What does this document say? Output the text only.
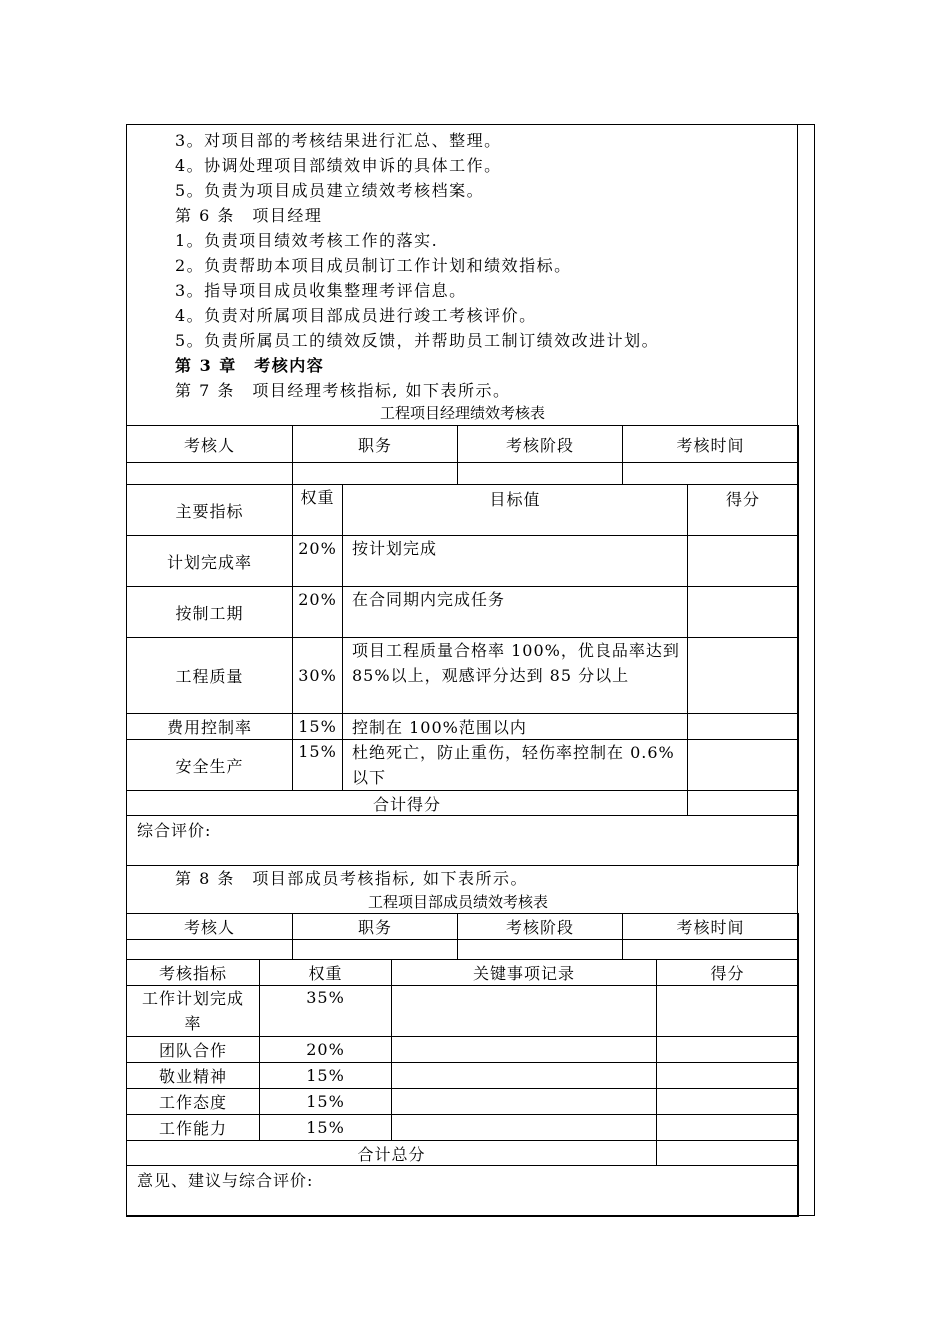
3。对项目部的考核结果进行汇总、整理。
4。协调处理项目部绩效申诉的具体工作。
5。负责为项目成员建立绩效考核档案。
第 6 条　项目经理
1。负责项目绩效考核工作的落实.
2。负责帮助本项目成员制订工作计划和绩效指标。
3。指导项目成员收集整理考评信息。
4。负责对所属项目部成员进行竣工考核评价。
5。负责所属员工的绩效反馈，并帮助员工制订绩效改进计划。
第 3 章　考核内容
第 7 条　项目经理考核指标, 如下表所示。
工程项目经理绩效考核表
考核人	职务	考核阶段	考核时间

主要指标	权重	目标值	得分
计划完成率	20%	按计划完成	
按制工期	20%	在合同期内完成任务	
工程质量	30%	项目工程质量合格率 100%，优良品率达到 85%以上，观感评分达到 85 分以上	
费用控制率	15%	控制在 100%范围以内	
安全生产	15%	杜绝死亡，防止重伤，轻伤率控制在 0.6%以下	
合计得分			
综合评价:			
第 8 条　项目部成员考核指标, 如下表所示。
工程项目部成员绩效考核表
考核人	职务	考核阶段	考核时间

考核指标	权重	关键事项记录	得分
工作计划完成率	35%		
团队合作	20%		
敬业精神	15%		
工作态度	15%		
工作能力	15%		
合计总分			
意见、建议与综合评价:			
